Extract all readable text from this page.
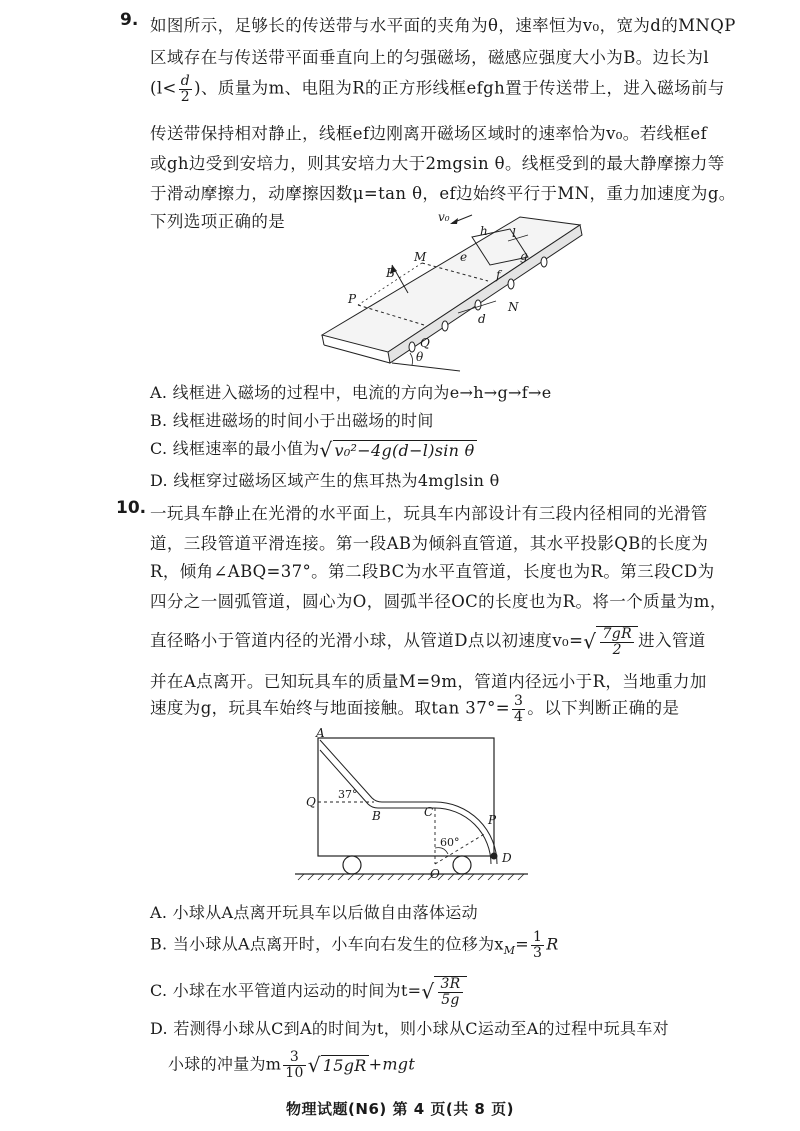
9. 如图所示，足够长的传送带与水平面的夹角为θ，速率恒为v₀，宽为d的MNQP
区域存在与传送带平面垂直向上的匀强磁场，磁感应强度大小为B。边长为l
($l< \frac{d}{2}$ )、质量为m、电阻为R的正方形线框efgh置于传送带上，进入磁场前与
传送带保持相对静止，线框ef边刚离开磁场区域时的速率恰为v₀。若线框ef
或gh边受到安培力，则其安培力大于2mgsin θ。线框受到的最大静摩擦力等
于滑动摩擦力，动摩擦因数μ=tan θ，ef边始终平行于MN，重力加速度为g。
下列选项正确的是	v₀
h l
e	g
f
M
N
B
P
Q
d
θ
A. 线框进入磁场的过程中，电流的方向为e→h→g→f→e
B. 线框进磁场的时间小于出磁场的时间
C. 线框速率的最小值为√ v₀²−4g(d−l)sin θ
D. 线框穿过磁场区域产生的焦耳热为4mglsin θ
10. 一玩具车静止在光滑的水平面上，玩具车内部设计有三段内径相同的光滑管
道，三段管道平滑连接。第一段AB为倾斜直管道，其水平投影QB的长度为
R，倾角∠ABQ=37°。第二段BC为水平直管道，长度也为R。第三段CD为
四分之一圆弧管道，圆心为O，圆弧半径OC的长度也为R。将一个质量为m，
直径略小于管道内径的光滑小球，从管道D点以初速度$v_0=√ \frac{7gR}{2}$ 进入管道
并在A点离开。已知玩具车的质量M=9m，管道内径远小于R，当地重力加
速度为g，玩具车始终与地面接触。取$\tan 37^\circ= \frac{3}{4}$ 。以下判断正确的是
A
Q
B	C
P
D
O
37°
60°
A. 小球从A点离开玩具车以后做自由落体运动
B. 当小球从A点离开时，小车向右发生的位移为$x_M= \frac{1}{3}$ R
C. 小球在水平管道内运动的时间为$t=√ \frac{3R}{5g}$
D. 若测得小球从C到A的时间为t，则小球从C运动至A的过程中玩具车对
小球的冲量为m $\frac{3}{10}$ √ 15gR +mgt
物理试题(N6) 第 4 页(共 8 页)
